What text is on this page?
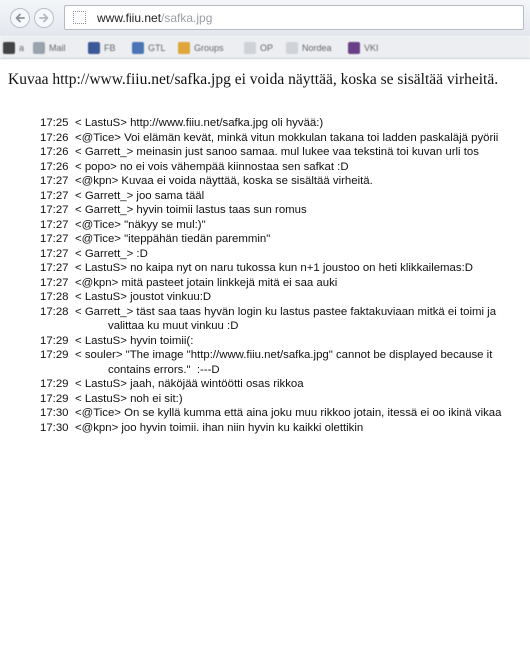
www.fiiu.net/safka.jpg
a	Mail	FB	GTL	Groups	OP	Nordea	VKI
Kuvaa http://www.fiiu.net/safka.jpg ei voida näyttää, koska se sisältää virheitä.
17:25 < LastuS> http://www.fiiu.net/safka.jpg oli hyvää:)
17:26 <@Tice> Voi elämän kevät, minkä vitun mokkulan takana toi ladden paskaläjä pyörii
17:26 < Garrett_> meinasin just sanoo samaa. mul lukee vaa tekstinä toi kuvan urli tos
17:26 < popo> no ei vois vähempää kiinnostaa sen safkat :D
17:27 <@kpn> Kuvaa ei voida näyttää, koska se sisältää virheitä.
17:27 < Garrett_> joo sama tääl
17:27 < Garrett_> hyvin toimii lastus taas sun romus
17:27 <@Tice> "näkyy se mul:)"
17:27 <@Tice> "iteppähän tiedän paremmin"
17:27 < Garrett_> :D
17:27 < LastuS> no kaipa nyt on naru tukossa kun n+1 joustoo on heti klikkailemas:D
17:27 <@kpn> mitä pasteet jotain linkkejä mitä ei saa auki
17:28 < LastuS> joustot vinkuu:D
17:28 < Garrett_> täst saa taas hyvän login ku lastus pastee faktakuviaan mitkä ei toimi ja valittaa ku muut vinkuu :D
17:29 < LastuS> hyvin toimii(:
17:29 < souler> "The image "http://www.fiiu.net/safka.jpg" cannot be displayed because it contains errors."  :---D
17:29 < LastuS> jaah, näköjää wintöötti osas rikkoa
17:29 < LastuS> noh ei sit:)
17:30 <@Tice> On se kyllä kumma että aina joku muu rikkoo jotain, itessä ei oo ikinä vikaa
17:30 <@kpn> joo hyvin toimii. ihan niin hyvin ku kaikki olettikin
